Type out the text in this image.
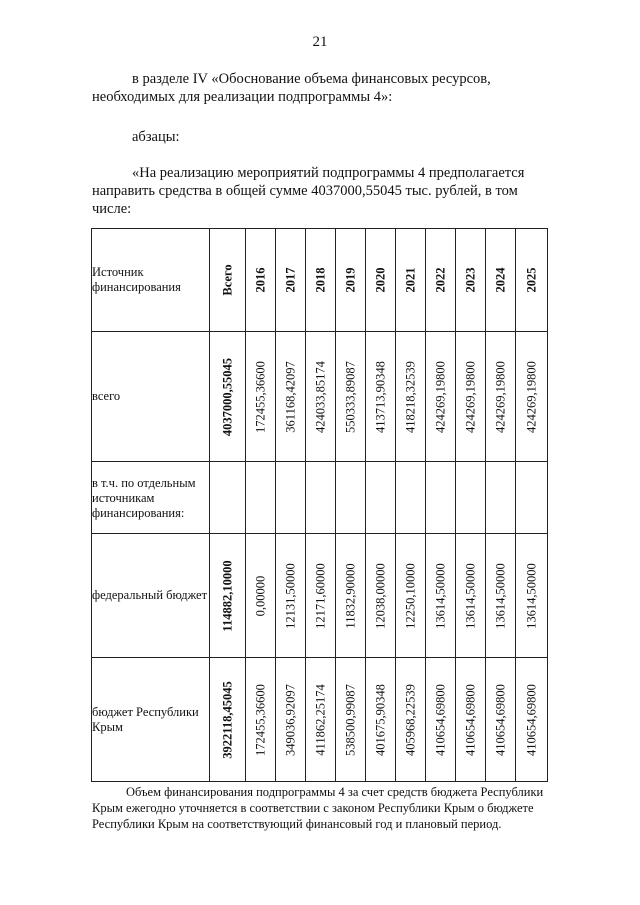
21
в разделе IV «Обоснование объема финансовых ресурсов,
необходимых для реализации подпрограммы 4»:
абзацы:
«На реализацию мероприятий подпрограммы 4 предполагается
направить средства в общей сумме 4037000,55045 тыс. рублей, в том
числе:
Источник финансирования	Всего	2016	2017	2018	2019	2020	2021	2022	2023	2024	2025

всего	4037000,55045	172455,36600	361168,42097	424033,85174	550333,89087	413713,90348	418218,32539	424269,19800	424269,19800	424269,19800	424269,19800

в т.ч. по отдельным источникам финансирования:											
федеральный бюджет	114882,10000	0,00000	12131,50000	12171,60000	11832,90000	12038,00000	12250,10000	13614,50000	13614,50000	13614,50000	13614,50000

бюджет Республики Крым	3922118,45045	172455,36600	349036,92097	411862,25174	538500,99087	401675,90348	405968,22539	410654,69800	410654,69800	410654,69800	410654,69800
Объем финансирования подпрограммы 4 за счет средств бюджета Республики
Крым ежегодно уточняется в соответствии с законом Республики Крым о бюджете
Республики Крым на соответствующий финансовый год и плановый период.
